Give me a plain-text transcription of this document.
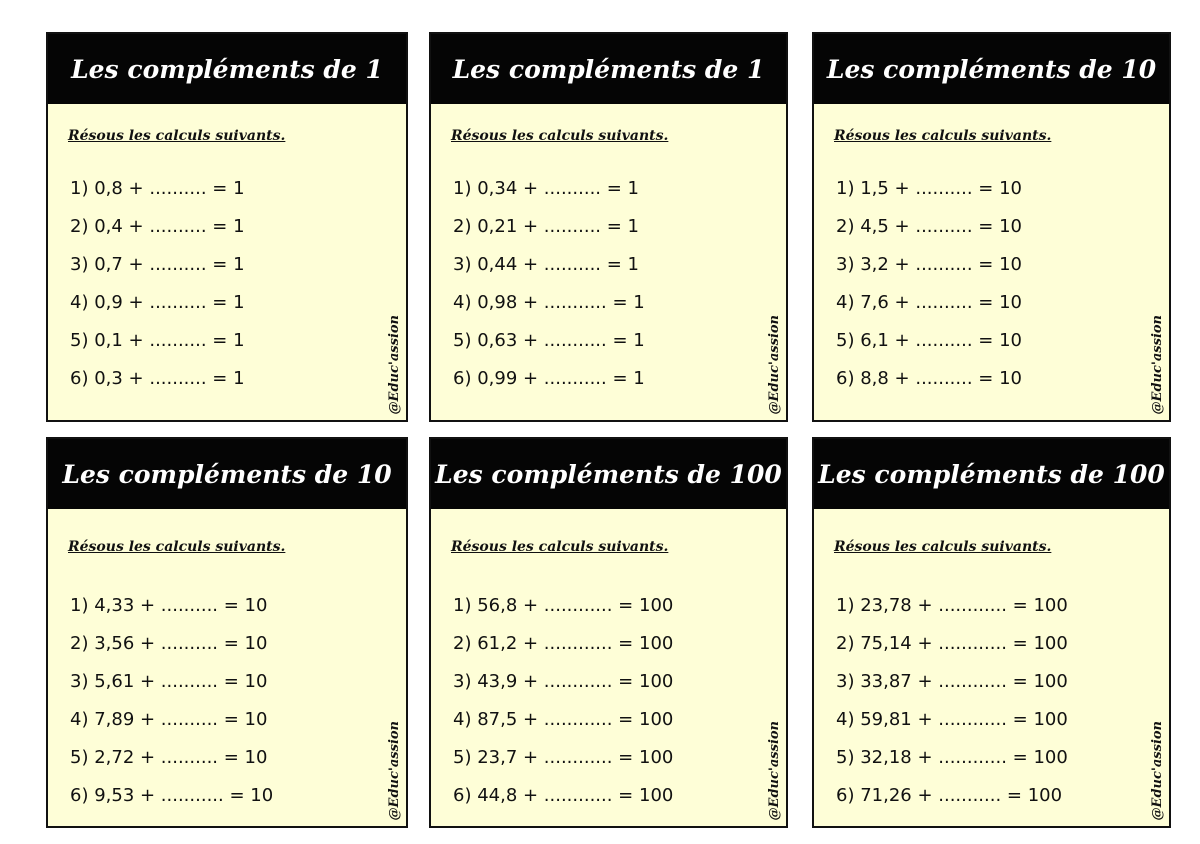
Les compléments de 1
Résous les calculs suivants.
1) 0,8 + .......... = 1
2) 0,4 + .......... = 1
3) 0,7 + .......... = 1
4) 0,9 + .......... = 1
5) 0,1 + .......... = 1
6) 0,3 + .......... = 1	@Educ'assion
Les compléments de 1
Résous les calculs suivants.
1) 0,34 + .......... = 1
2) 0,21 + .......... = 1
3) 0,44 + .......... = 1
4) 0,98 + ........... = 1
5) 0,63 + ........... = 1
6) 0,99 + ........... = 1	@Educ'assion
Les compléments de 10
Résous les calculs suivants.
1) 1,5 + .......... = 10
2) 4,5 + .......... = 10
3) 3,2 + .......... = 10
4) 7,6 + .......... = 10
5) 6,1 + .......... = 10
6) 8,8 + .......... = 10	@Educ'assion
Les compléments de 10
Résous les calculs suivants.
1) 4,33 + .......... = 10
2) 3,56 + .......... = 10
3) 5,61 + .......... = 10
4) 7,89 + .......... = 10
5) 2,72 + .......... = 10
6) 9,53 + ........... = 10	@Educ'assion
Les compléments de 100
Résous les calculs suivants.
1) 56,8 + ............ = 100
2) 61,2 + ............ = 100
3) 43,9 + ............ = 100
4) 87,5 + ............ = 100
5) 23,7 + ............ = 100
6) 44,8 + ............ = 100	@Educ'assion
Les compléments de 100
Résous les calculs suivants.
1) 23,78 + ............ = 100
2) 75,14 + ............ = 100
3) 33,87 + ............ = 100
4) 59,81 + ............ = 100
5) 32,18 + ............ = 100
6) 71,26 + ........... = 100	@Educ'assion
